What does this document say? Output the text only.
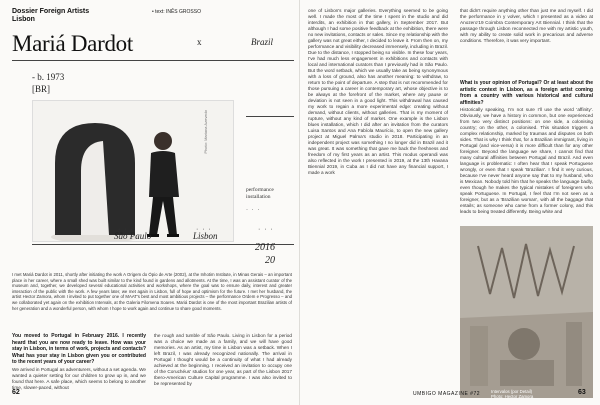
Dossier Foreign Artists
Lisbon
• text: INÊS GROSSO
Mariá Dardot	x	Brazil
- b. 1973
[BR]
Photo: Mariana Azevedo
performance installation
· · ·
· · ·
São Paulo
· · ·
Lisbon
· · ·
2016
20

I met Mariá Dardot in 2011, shortly after initiating the work A Origem do Ópio de Arte (2002), at the Inhotim Institute, in Minas Gerais – an important place in her career, where a small shed was built similar to the kind found in gardens and allotments. At the time, I was an assistant curator of the museum and, together, we developed several educational activities and workshops, where the goal was to ensure daily, interest and greater interaction of the public with the work. A few years later, we met again in Lisbon, full of hope and optimism for the future. I met her husband, the artist Hector Zamora, whom I invited to put together one of MAAT's best and most ambitious projects – the performance Ordem e Progresso – and we collaborated yet again on the exhibition Intervals, at the Galeria Filomena Soares. Mariá Dardot is one of the most important Brazilian artists of her generation and a wonderful person, with whom I hope to work again and continue to share good moments.

You moved to Portugal in February 2016. I recently heard that you are now ready to leave. How was your stay in Lisbon, in terms of work, projects and contacts? What has your stay in Lisbon given you or contributed to the recent years of your career?

We arrived in Portugal as adventurers, without a set agenda. We wanted a quieter setting for our children to grow up in, and we found that here. A safe place, which seems to belong to another time, slower-paced, without

the rough and tumble of São Paulo. Living in Lisbon for a period was a choice we made as a family, and we will have good memories. As an artist, my time in Lisbon was a setback. When I left Brazil, I was already recognized nationally. The arrival in Portugal I thought would be a continuity of what I had already achieved at the beginning. I received an invitation to occupy one of the Coruchéus' studios for one year, as part of the Lisbon 2017 Ibero-American Culture Capital programme. I was also invited to be represented by

62

one of Lisbon's major galleries. Everything seemed to be going well. I made the most of the time I spent in the studio and did interdits, an exhibition in that gallery, in September 2017. But although I had some positive feedback at the exhibition, there were no new invitations, contacts or sales. Since my relationship with the gallery was not great either, I decided to leave it. From then on, my performance and visibility decreased immensely, including in Brazil. Due to the distance, I stopped being so visible. In these four years, I've had much less engagement in exhibitions and contacts with local and international curators than I previously had in São Paulo. But the word setback, which we usually take as being synonymous with a loss of ground, also has another meaning: to withdraw, to return to the point of departure. A step that is not recommended for those pursuing a career in contemporary art, whose objective is to be always at the forefront of the market, where any pause or deviation is not seen in a good light. This withdrawal has caused my work to regain a more experimental edge: creating without demand, without clients, without galleries. That is my moment of rupture, without any kind of market. One example is the Lisbon blues installation, which I did after an invitation from the curators Luisa Santos and Ana Fabíola Maurício, to open the new gallery project at Miguel Palma's studio in 2018. Participating in an independent project was something I no longer did in Brazil and it was great. It was something that gave me back the freshness and freedom of my first years as an artist. This modus operandi was also reflected in the work I presented in 2019, at the 13th Havana Biennial 2019, in Cuba as I did not have any financial support, I made a work

that didn't require anything other than just me and myself. I did the performance in y volver, which I presented as a video at Anozero'19 Coimbra Contemporary Art Biennial. I think that the passage through Lisbon reconnected me with my artistic youth, with my ability to create solid work in precarious and adverse conditions. Therefore, it was very important.

What is your opinion of Portugal? Or at least about the artistic context in Lisbon, as a foreign artist coming from a country with various historical and cultural affinities?

Historically speaking, I'm not sure I'll use the word 'affinity'. Obviously, we have a history in common, but one experienced from two very distinct positions: on one side, a colonising country; on the other, a colonised. This situation triggers a complex relationship, marked by traumas and disputes on both sides. That is why I think that, for a Brazilian immigrant, living in Portugal (and vice-versa) it is more difficult than for any other foreigner. Beyond the language we share, I cannot find that many cultural affinities between Portugal and Brazil. And even language is problematic: I often hear that I speak Portuguese wrongly, or even that I speak 'Brazilian'. I find it very curious, because I've never heard anyone say that to my husband, who is Mexican. Nobody told him that he speaks the language badly, even though he makes the typical mistakes of foreigners who speak Portuguese. In Portugal, I feel that I'm not seen as a foreigner, but as a 'Brazilian woman', with all the baggage that entails; as someone who came from a former colony, and this leads to being treated differently. Being white and

Intervalos (por Detail)
Photo: Hector Zamora
UMBIGO MAGAZINE #72	63
